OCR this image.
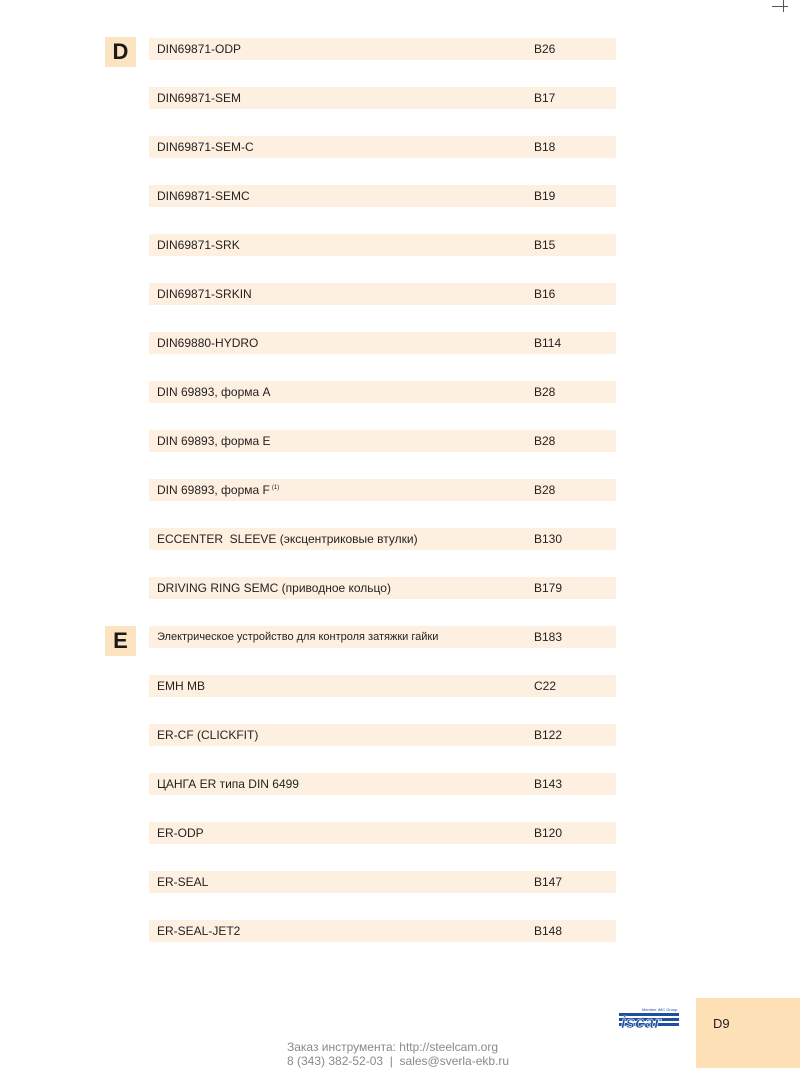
D
E
DIN69871-ODP	B26
DIN69871-SEM	B17
DIN69871-SEM-C	B18
DIN69871-SEMC	B19
DIN69871-SRK	B15
DIN69871-SRKIN	B16
DIN69880-HYDRO	B114
DIN 69893, форма A	B28
DIN 69893, форма E	B28
DIN 69893, форма F $^{(1)}$	B28
ECCENTER  SLEEVE (эксцентриковые втулки)	B130
DRIVING RING SEMC (приводное кольцо)	B179
Электрическое устройство для контроля затяжки гайки	B183
EMH MB	C22
ER-CF (CLICKFIT)	B122
ЦАНГА ER типа DIN 6499	B143
ER-ODP	B120
ER-SEAL	B147
ER-SEAL-JET2	B148
Member IMC Group
iscar	D9
Заказ инструмента: http://steelcam.org
8 (343) 382-52-03  |  sales@sverla-ekb.ru
